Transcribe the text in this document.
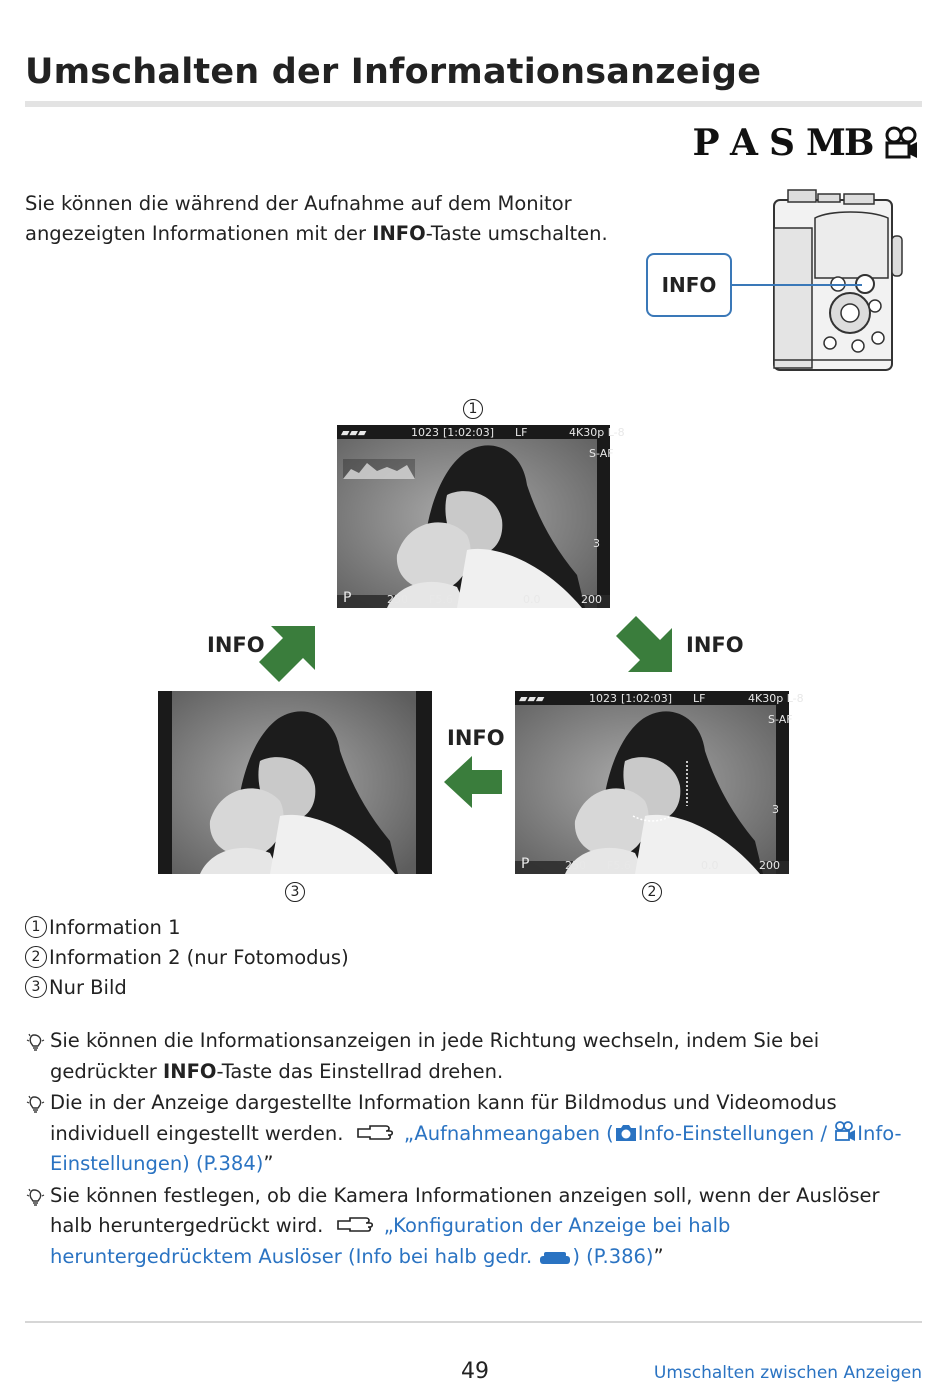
Umschalten der Informationsanzeige
P A S M
B
Sie können die während der Aufnahme auf dem Monitor angezeigten Informationen mit der INFO-Taste umschalten.
INFO
1
▰▰▰	1023 [1:02:03] LF	4K30p L-8
S-AF
3
P	250 F5.6	0.0	200
2
▰▰▰	1023 [1:02:03] LF	4K30p L-8
S-AF
3
P	250 F5.6	0.0	200
3
INFO	INFO
INFO
1 Information 1
2 Information 2 (nur Fotomodus)
3 Nur Bild
Sie können die Informationsanzeigen in jede Richtung wechseln, indem Sie bei gedrückter INFO-Taste das Einstellrad drehen.
Die in der Anzeige dargestellte Information kann für Bildmodus und Videomodus individuell eingestellt werden.	„Aufnahmeangaben ( Info-Einstellungen / Info-Einstellungen) (P.384)”
Sie können festlegen, ob die Kamera Informationen anzeigen soll, wenn der Auslöser halb heruntergedrückt wird.	„Konfiguration der Anzeige bei halb heruntergedrücktem Auslöser (Info bei halb gedr. ) (P.386)”
49	Umschalten zwischen Anzeigen
